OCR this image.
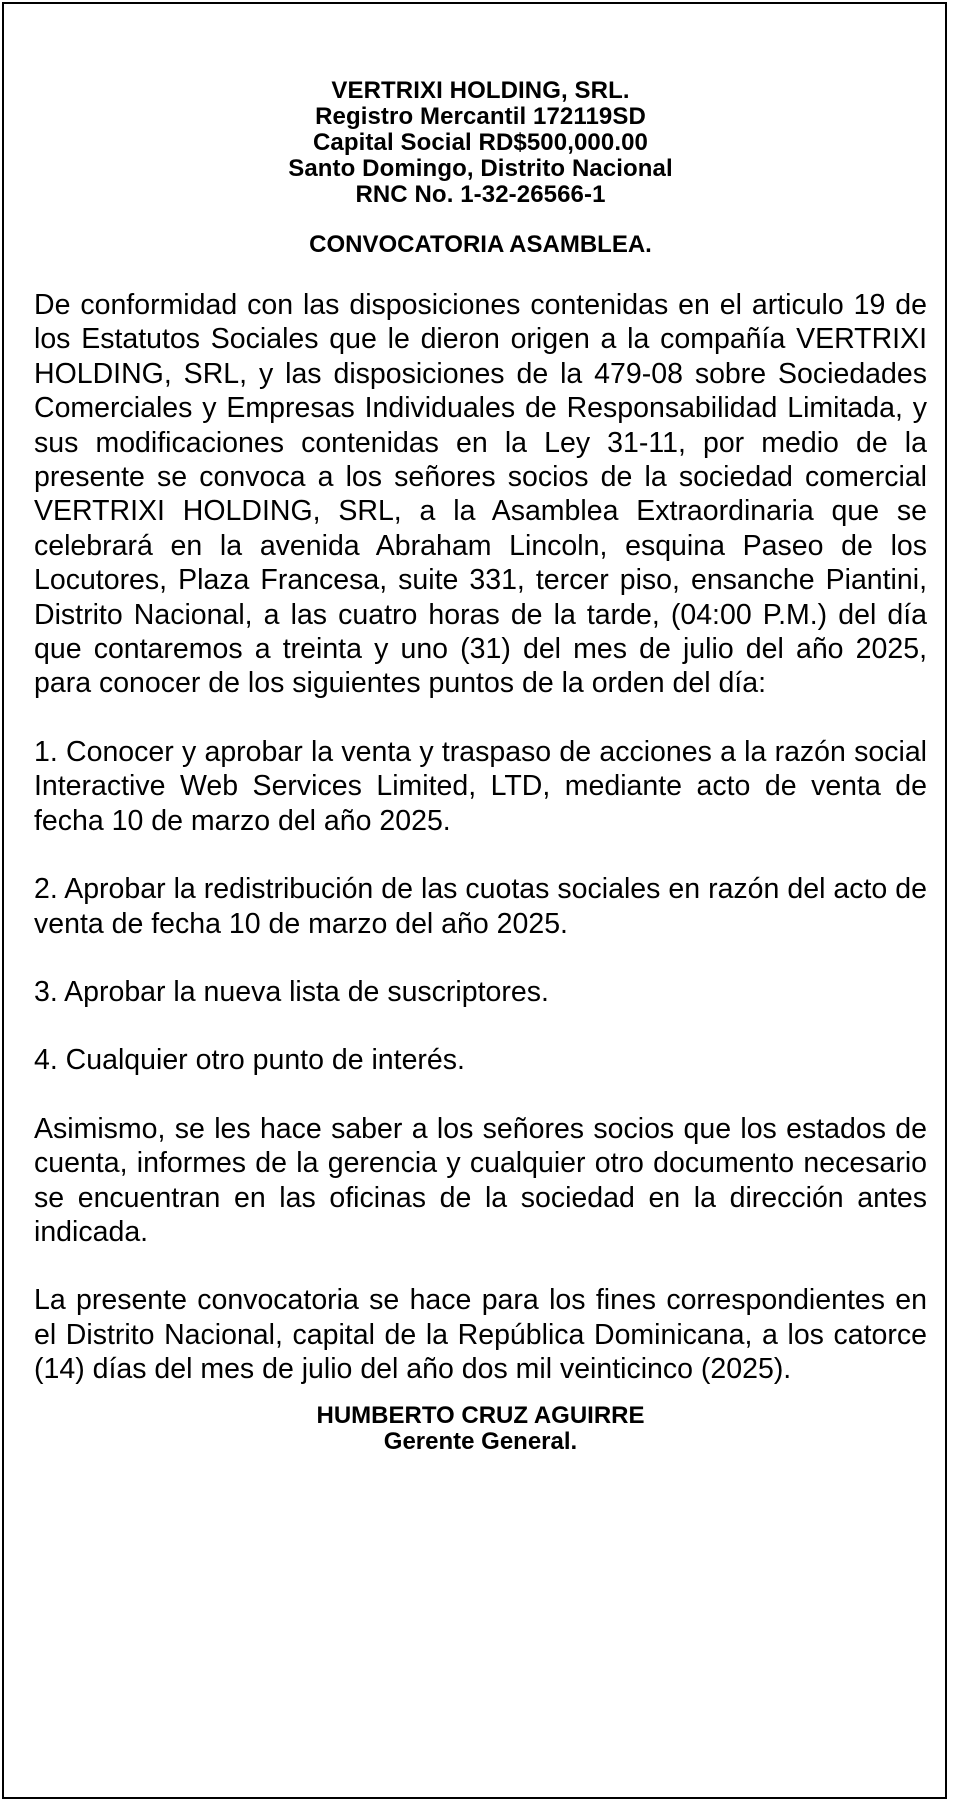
VERTRIXI HOLDING, SRL.
Registro Mercantil 172119SD
Capital Social RD$500,000.00
Santo Domingo, Distrito Nacional
RNC No. 1-32-26566-1
CONVOCATORIA ASAMBLEA.

De conformidad con las disposiciones contenidas en el articulo 19 de los Estatutos Sociales que le dieron origen a la compañía VERTRIXI HOLDING, SRL, y las disposiciones de la 479-08 sobre Sociedades Comerciales y Empresas Individuales de Responsabilidad Limitada, y sus modificaciones contenidas en la Ley 31-11, por medio de la presente se convoca a los señores socios de la sociedad comercial VERTRIXI HOLDING, SRL, a la Asamblea Extraordinaria que se celebrará en la avenida Abraham Lincoln, esquina Paseo de los Locutores, Plaza Francesa, suite 331, tercer piso, ensanche Piantini, Distrito Nacional, a las cuatro horas de la tarde, (04:00 P.M.) del día que contaremos a treinta y uno (31) del mes de julio del año 2025, para conocer de los siguientes puntos de la orden del día:

1. Conocer y aprobar la venta y traspaso de acciones a la razón social Interactive Web Services Limited, LTD, mediante acto de venta de fecha 10 de marzo del año 2025.

2. Aprobar la redistribución de las cuotas sociales en razón del acto de venta de fecha 10 de marzo del año 2025.

3. Aprobar la nueva lista de suscriptores.

4. Cualquier otro punto de interés.

Asimismo, se les hace saber a los señores socios que los estados de cuenta, informes de la gerencia y cualquier otro documento necesario se encuentran en las oficinas de la sociedad en la dirección antes indicada.

La presente convocatoria se hace para los fines correspondientes en el Distrito Nacional, capital de la República Dominicana, a los catorce (14) días del mes de julio del año dos mil veinticinco (2025).

HUMBERTO CRUZ AGUIRRE
Gerente General.
